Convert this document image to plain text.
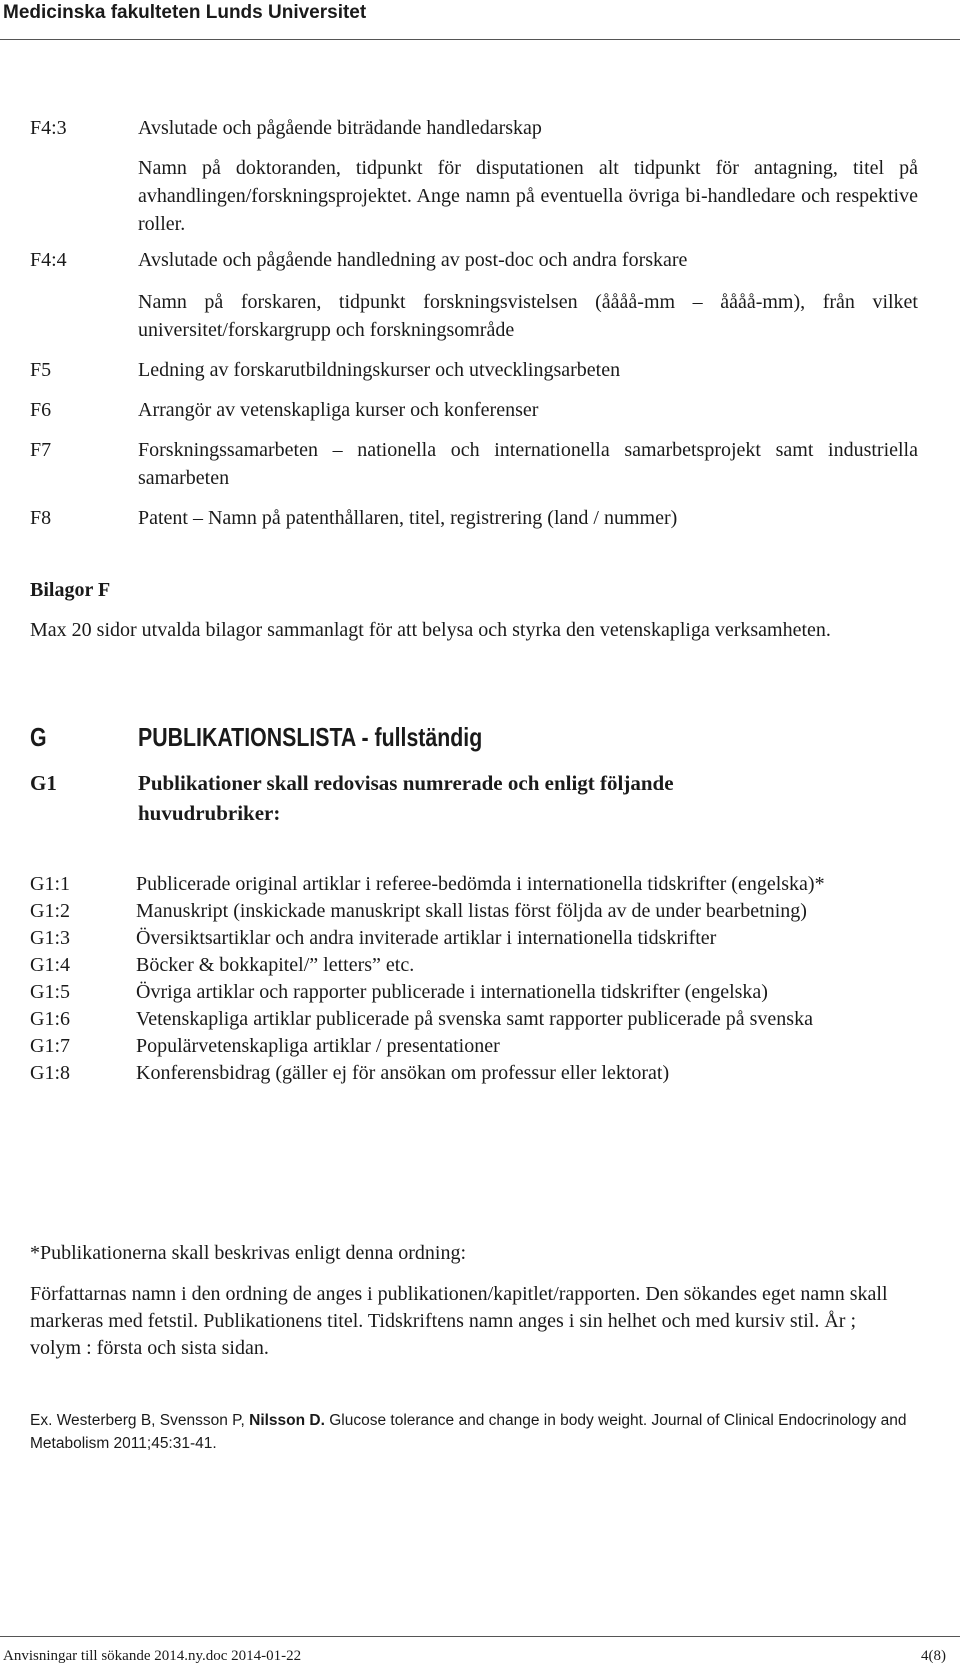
Medicinska fakulteten Lunds Universitet
F4:3	Avslutade och pågående biträdande handledarskap
Namn på doktoranden, tidpunkt för disputationen alt tidpunkt för antagning, titel på avhandlingen/forskningsprojektet. Ange namn på eventuella övriga bi-handledare och respektive roller.
F4:4	Avslutade och pågående handledning av post-doc och andra forskare
Namn på forskaren, tidpunkt forskningsvistelsen (åååå-mm – åååå-mm), från vilket universitet/forskargrupp och forskningsområde
F5	Ledning av forskarutbildningskurser och utvecklingsarbeten
F6	Arrangör av vetenskapliga kurser och konferenser
F7	Forskningssamarbeten – nationella och internationella samarbetsprojekt samt industriella samarbeten
F8	Patent – Namn på patenthållaren, titel, registrering (land / nummer)
Bilagor F
Max 20 sidor utvalda bilagor sammanlagt för att belysa och styrka den vetenskapliga verksamheten.
G	PUBLIKATIONSLISTA - fullständig
G1	Publikationer skall redovisas numrerade och enligt följande huvudrubriker:
G1:1	Publicerade original artiklar i referee-bedömda i internationella tidskrifter (engelska)*
G1:2	Manuskript (inskickade manuskript skall listas först följda av de under bearbetning)
G1:3	Översiktsartiklar och andra inviterade artiklar i internationella tidskrifter
G1:4	Böcker & bokkapitel/” letters” etc.
G1:5	Övriga artiklar och rapporter publicerade i internationella tidskrifter (engelska)
G1:6	Vetenskapliga artiklar publicerade på svenska samt rapporter publicerade på svenska
G1:7	Populärvetenskapliga artiklar / presentationer
G1:8	Konferensbidrag (gäller ej för ansökan om professur eller lektorat)
*Publikationerna skall beskrivas enligt denna ordning:
Författarnas namn i den ordning de anges i publikationen/kapitlet/rapporten. Den sökandes eget namn skall markeras med fetstil. Publikationens titel. Tidskriftens namn anges i sin helhet och med kursiv stil. År ; volym : första och sista sidan.
Ex. Westerberg B, Svensson P, Nilsson D. Glucose tolerance and change in body weight. Journal of Clinical Endocrinology and Metabolism 2011;45:31-41.
Anvisningar till sökande 2014.ny.doc 2014-01-22	4(8)
